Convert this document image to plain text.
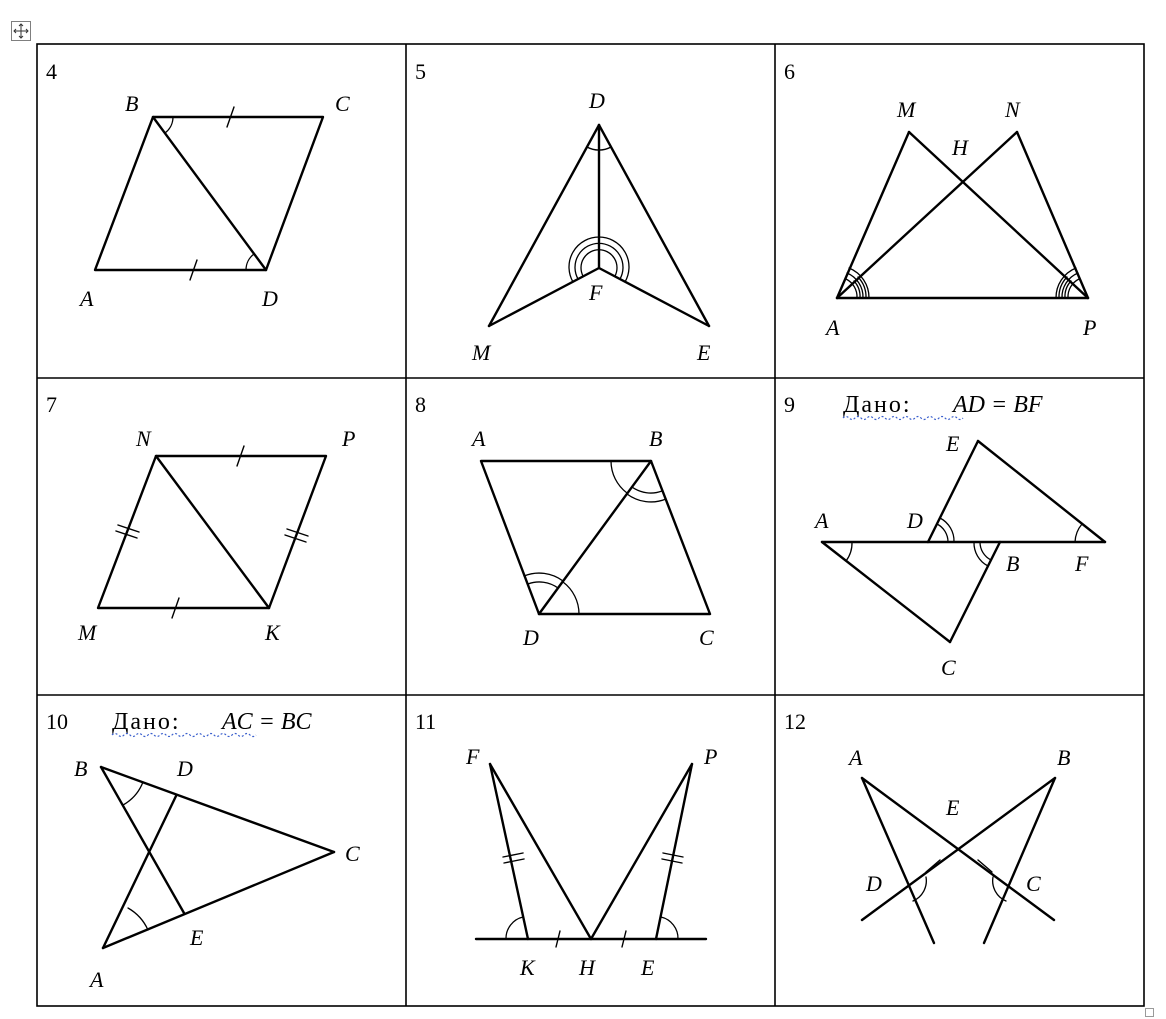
4
B	C
A	D
5
D
F
M	E
6
M	N
H
A	P
7
N	P
M	K
8
A	B
D	C
9 Дано: AD = BF
E
A	D
B	F
C
10 Дано: AC = BC
B	D
C
E
A
11
F	P
K H E
12
A	B
E
D	C
